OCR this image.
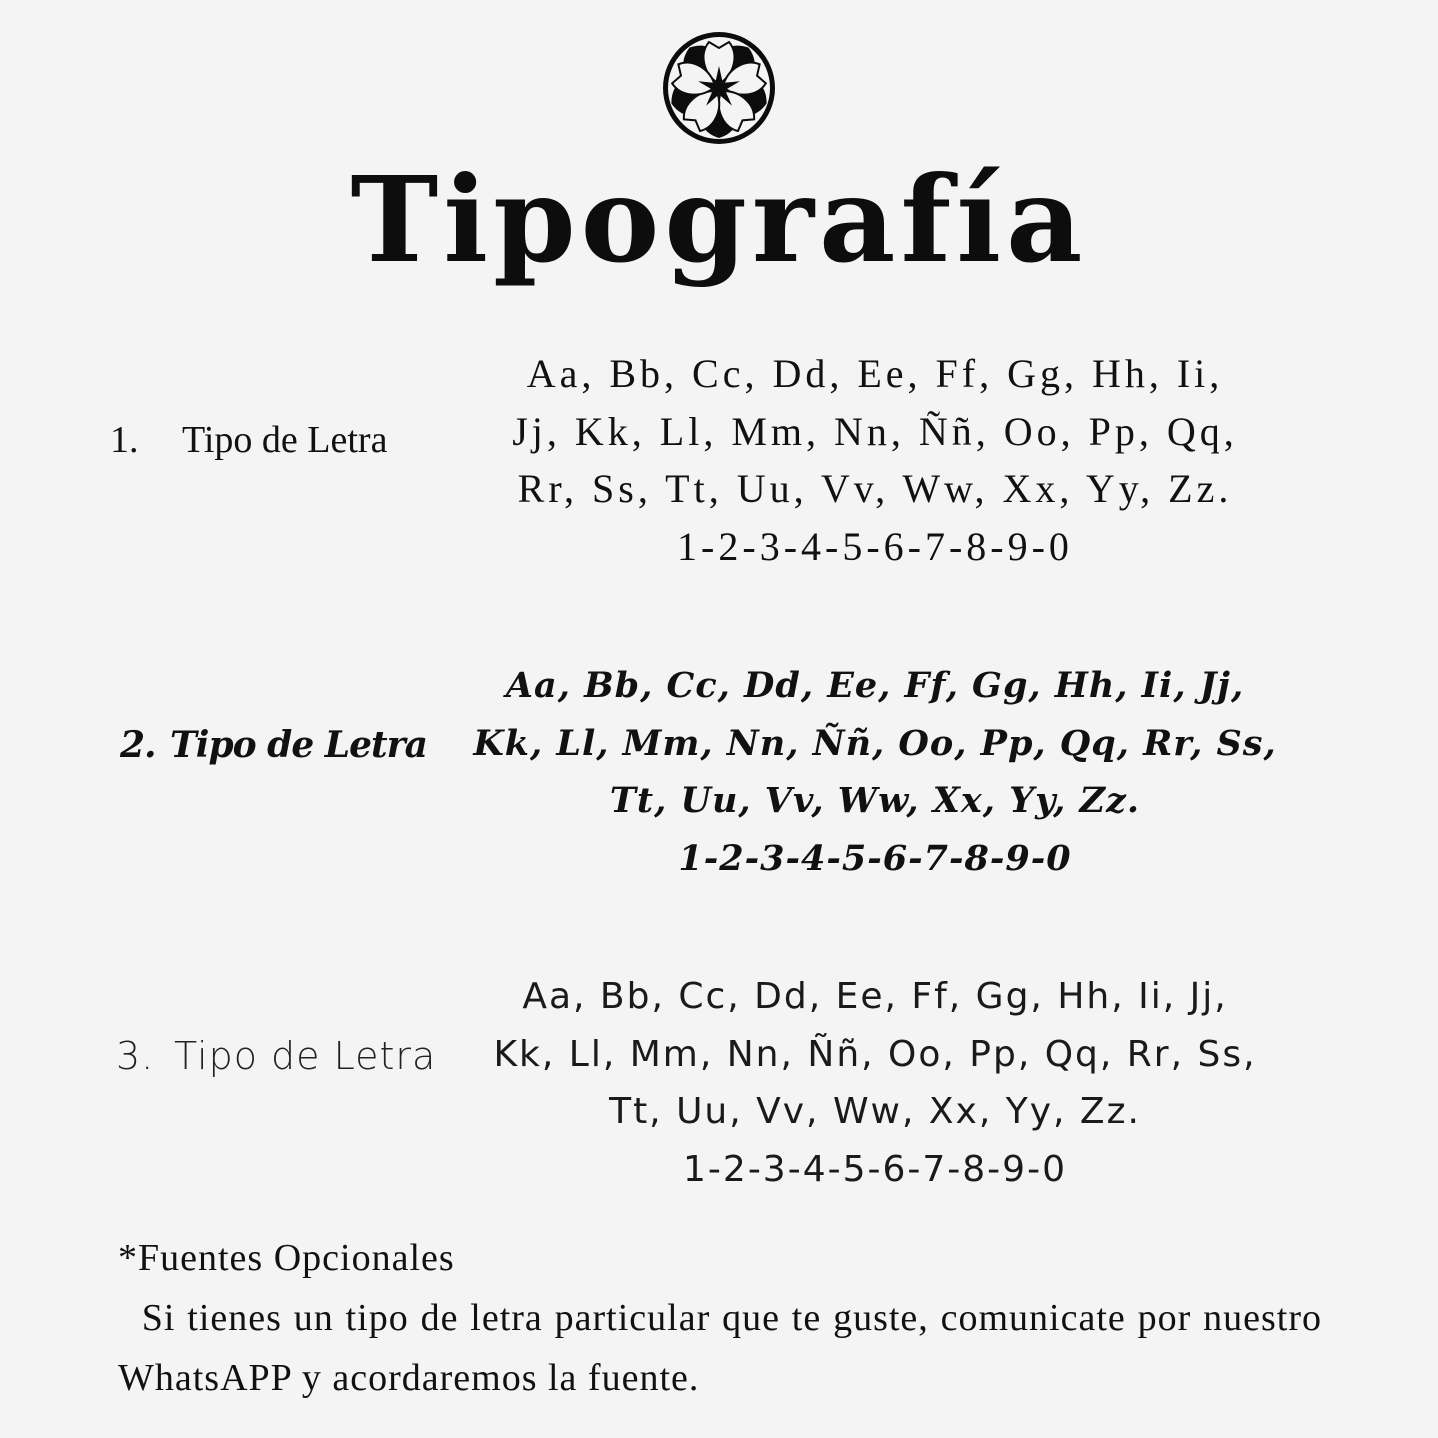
Tipografía
1. Tipo de Letra
Aa, Bb, Cc, Dd, Ee, Ff, Gg, Hh, Ii,
Jj, Kk, Ll, Mm, Nn, Ññ, Oo, Pp, Qq,
Rr, Ss, Tt, Uu, Vv, Ww, Xx, Yy, Zz.
1-2-3-4-5-6-7-8-9-0
2. Tipo de Letra
Aa, Bb, Cc, Dd, Ee, Ff, Gg, Hh, Ii, Jj,
Kk, Ll, Mm, Nn, Ññ, Oo, Pp, Qq, Rr, Ss,
Tt, Uu, Vv, Ww, Xx, Yy, Zz.
1-2-3-4-5-6-7-8-9-0
3. Tipo de Letra
Aa, Bb, Cc, Dd, Ee, Ff, Gg, Hh, Ii, Jj,
Kk, Ll, Mm, Nn, Ññ, Oo, Pp, Qq, Rr, Ss,
Tt, Uu, Vv, Ww, Xx, Yy, Zz.
1-2-3-4-5-6-7-8-9-0
*Fuentes Opcionales
Si tienes un tipo de letra particular que te guste, comunicate por nuestro WhatsAPP y acordaremos la fuente.
